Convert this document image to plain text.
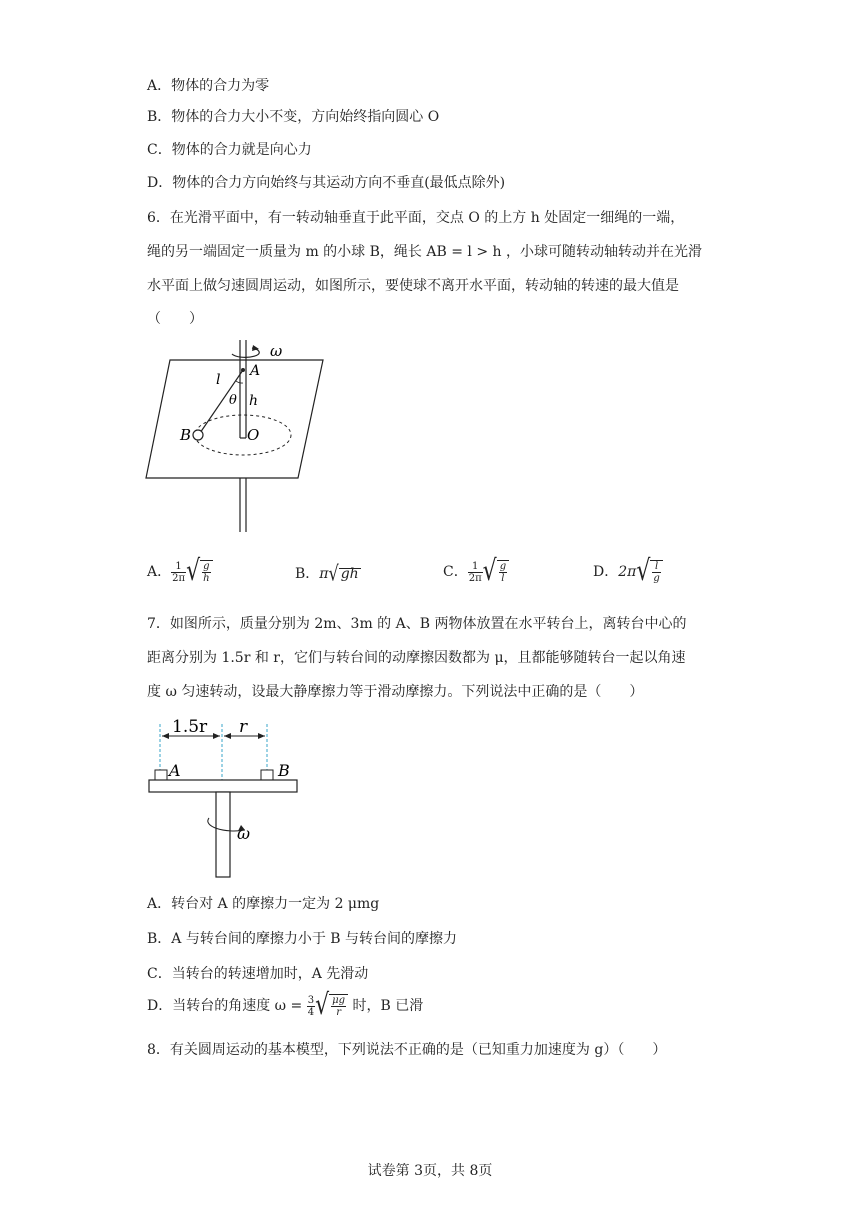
A．物体的合力为零
B．物体的合力大小不变，方向始终指向圆心 O
C．物体的合力就是向心力
D．物体的合力方向始终与其运动方向不垂直(最低点除外)
6．在光滑平面中，有一转动轴垂直于此平面，交点 O 的上方 h 处固定一细绳的一端，
绳的另一端固定一质量为 m 的小球 B，绳长 AB = l > h ，小球可随转动轴转动并在光滑
水平面上做匀速圆周运动，如图所示，要使球不离开水平面，转动轴的转速的最大值是
（　　）
ω
A
l
θ h
B	O
A． $\frac{1}{2\pi}$ √ $\frac{g}{h}$	B．π√ gh	C． $\frac{1}{2\pi}$ √ $\frac{g}{l}$	D．$2\pi√ \frac{l}{g}$
7．如图所示，质量分别为 2m、3m 的 A、B 两物体放置在水平转台上，离转台中心的
距离分别为 1.5r 和 r，它们与转台间的动摩擦因数都为 μ，且都能够随转台一起以角速
度 ω 匀速转动，设最大静摩擦力等于滑动摩擦力。下列说法中正确的是（　　）
1.5r r
A	B
ω
A．转台对 A 的摩擦力一定为 2 μmg
B．A 与转台间的摩擦力小于 B 与转台间的摩擦力
C．当转台的转速增加时，A 先滑动
D．当转台的角速度 $\omega = \frac{3}{4}$ √ $\frac{\mu g}{r}$ 时，B 已滑
8．有关圆周运动的基本模型，下列说法不正确的是（已知重力加速度为 g）（　　）
试卷第 3页，共 8页
